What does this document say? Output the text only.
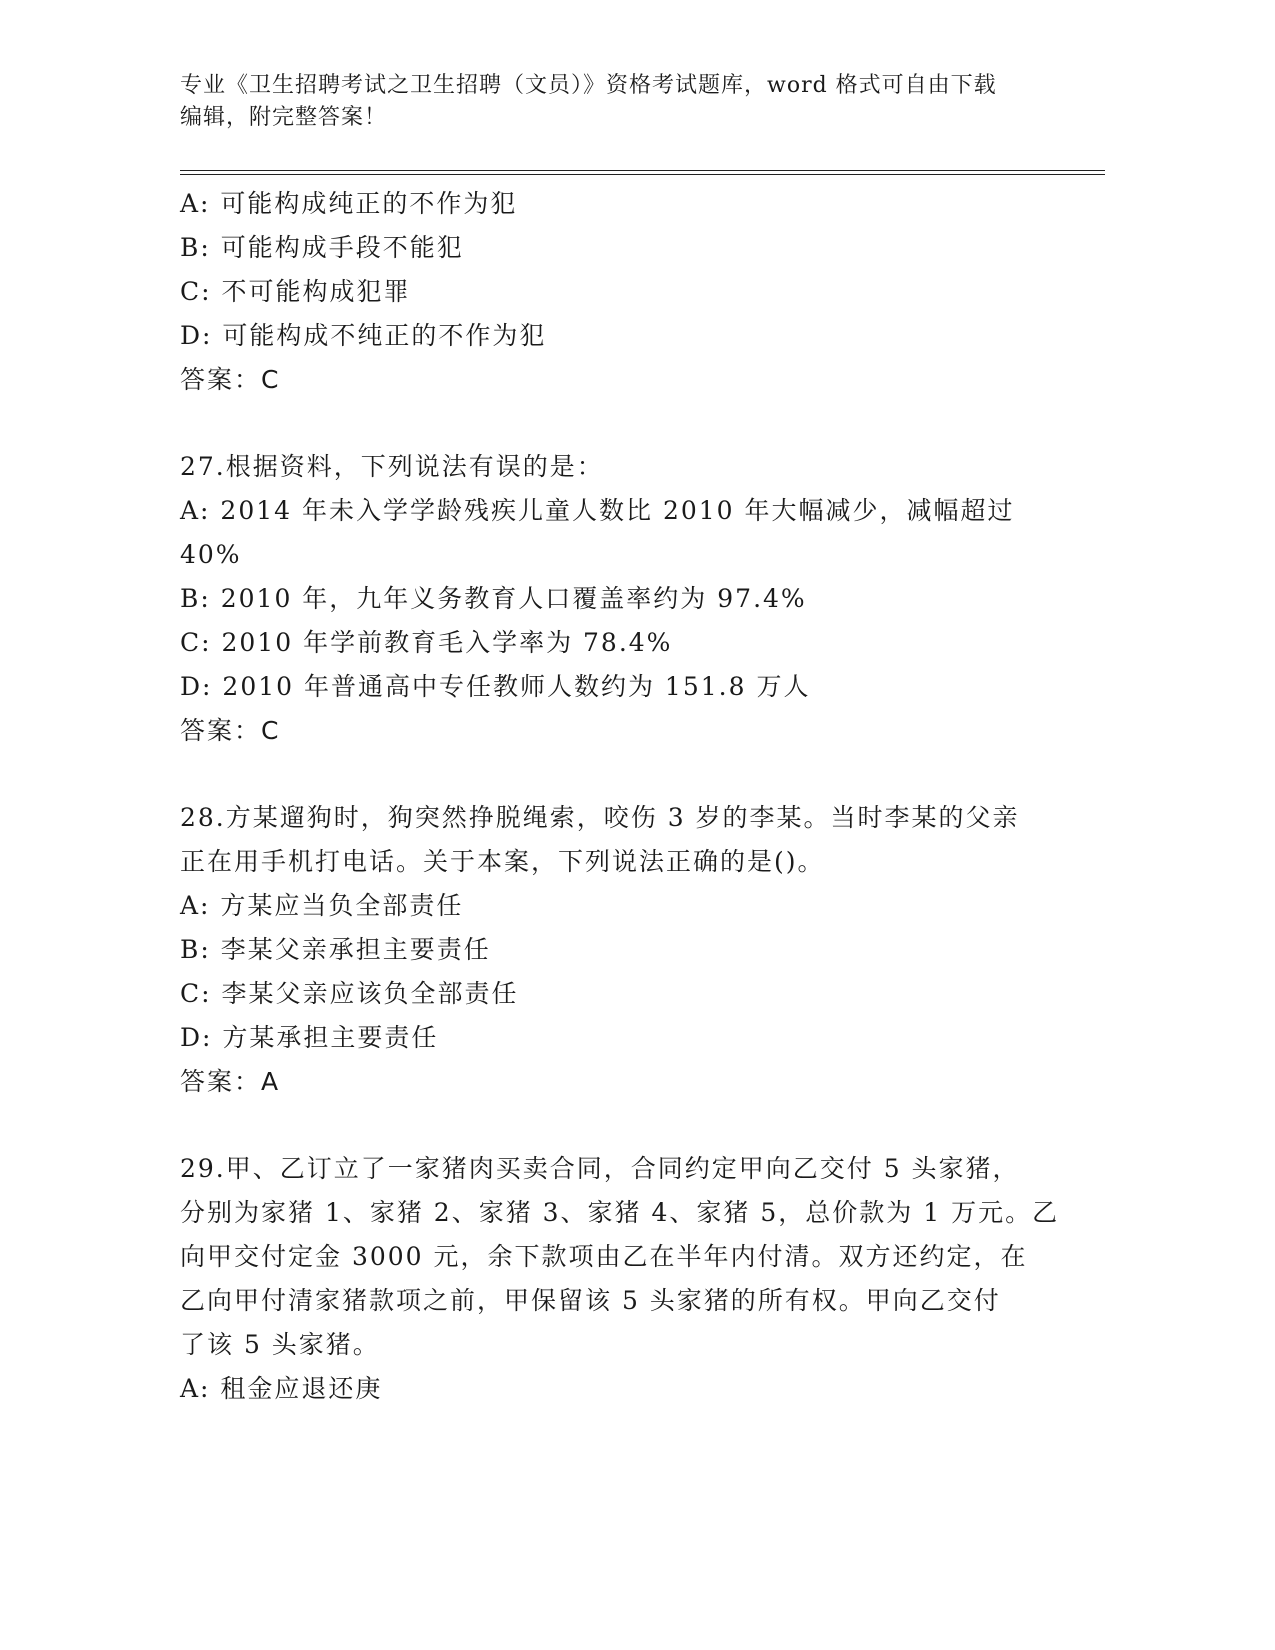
专业《卫生招聘考试之卫生招聘（文员）》资格考试题库，word 格式可自由下载
编辑，附完整答案！
A: 可能构成纯正的不作为犯
B: 可能构成手段不能犯
C: 不可能构成犯罪
D: 可能构成不纯正的不作为犯
答案：C
27.根据资料，下列说法有误的是：
A: 2014 年未入学学龄残疾儿童人数比 2010 年大幅减少，减幅超过
40%
B: 2010 年，九年义务教育人口覆盖率约为 97.4%
C: 2010 年学前教育毛入学率为 78.4%
D: 2010 年普通高中专任教师人数约为 151.8 万人
答案：C
28.方某遛狗时，狗突然挣脱绳索，咬伤 3 岁的李某。当时李某的父亲
正在用手机打电话。关于本案，下列说法正确的是()。
A: 方某应当负全部责任
B: 李某父亲承担主要责任
C: 李某父亲应该负全部责任
D: 方某承担主要责任
答案：A
29.甲、乙订立了一家猪肉买卖合同，合同约定甲向乙交付 5 头家猪，
分别为家猪 1、家猪 2、家猪 3、家猪 4、家猪 5，总价款为 1 万元。乙
向甲交付定金 3000 元，余下款项由乙在半年内付清。双方还约定，在
乙向甲付清家猪款项之前，甲保留该 5 头家猪的所有权。甲向乙交付
了该 5 头家猪。
A: 租金应退还庚
